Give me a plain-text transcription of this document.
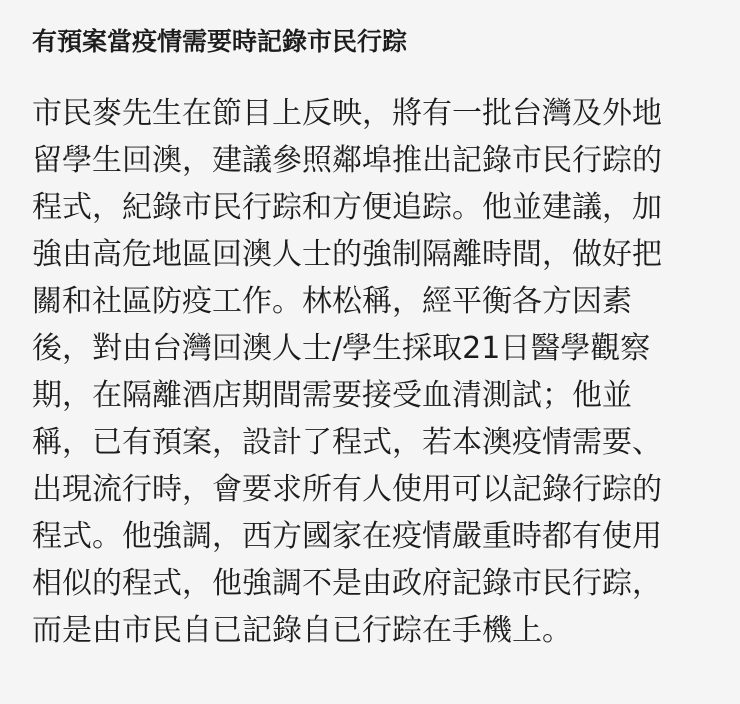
有預案當疫情需要時記錄市民行踪

市民麥先生在節目上反映，將有一批台灣及外地
留學生回澳，建議參照鄰埠推出記錄市民行踪的
程式，紀錄市民行踪和方便追踪。他並建議，加
強由高危地區回澳人士的強制隔離時間，做好把
關和社區防疫工作。林松稱，經平衡各方因素
後，對由台灣回澳人士/學生採取21日醫學觀察
期，在隔離酒店期間需要接受血清測試；他並
稱，已有預案，設計了程式，若本澳疫情需要、
出現流行時，會要求所有人使用可以記錄行踪的
程式。他強調，西方國家在疫情嚴重時都有使用
相似的程式，他強調不是由政府記錄市民行踪，
而是由市民自已記錄自已行踪在手機上。
